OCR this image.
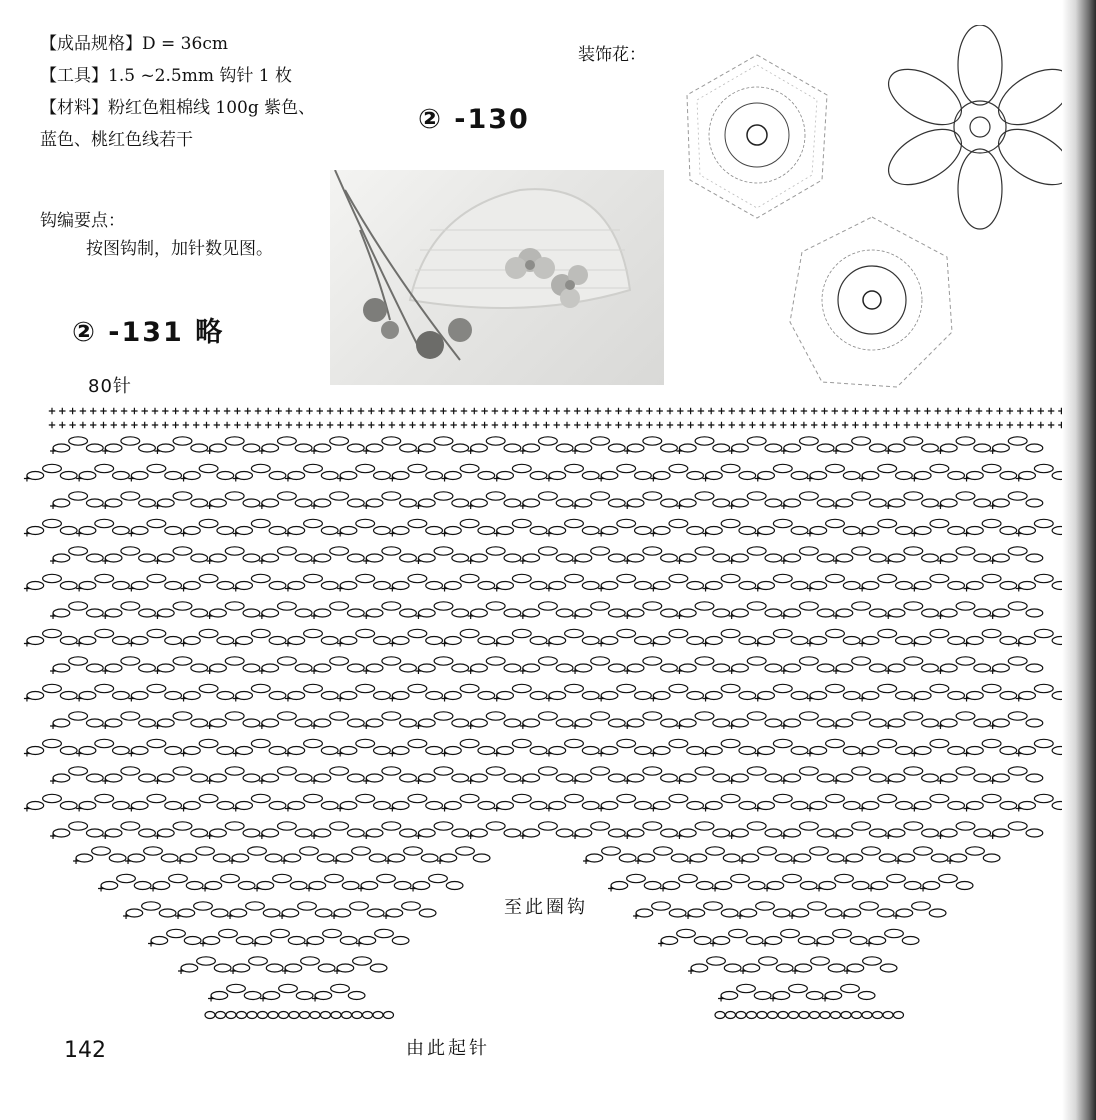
【成品规格】D = 36cm
【工具】1.5 ~2.5mm 钩针 1 枚
【材料】粉红色粗棉线 100g 紫色、
蓝色、桃红色线若干
② -130
② -131 略
钩编要点：
按图钩制，加针数见图。
装饰花：
80针
至此圈钩
由此起针
142
